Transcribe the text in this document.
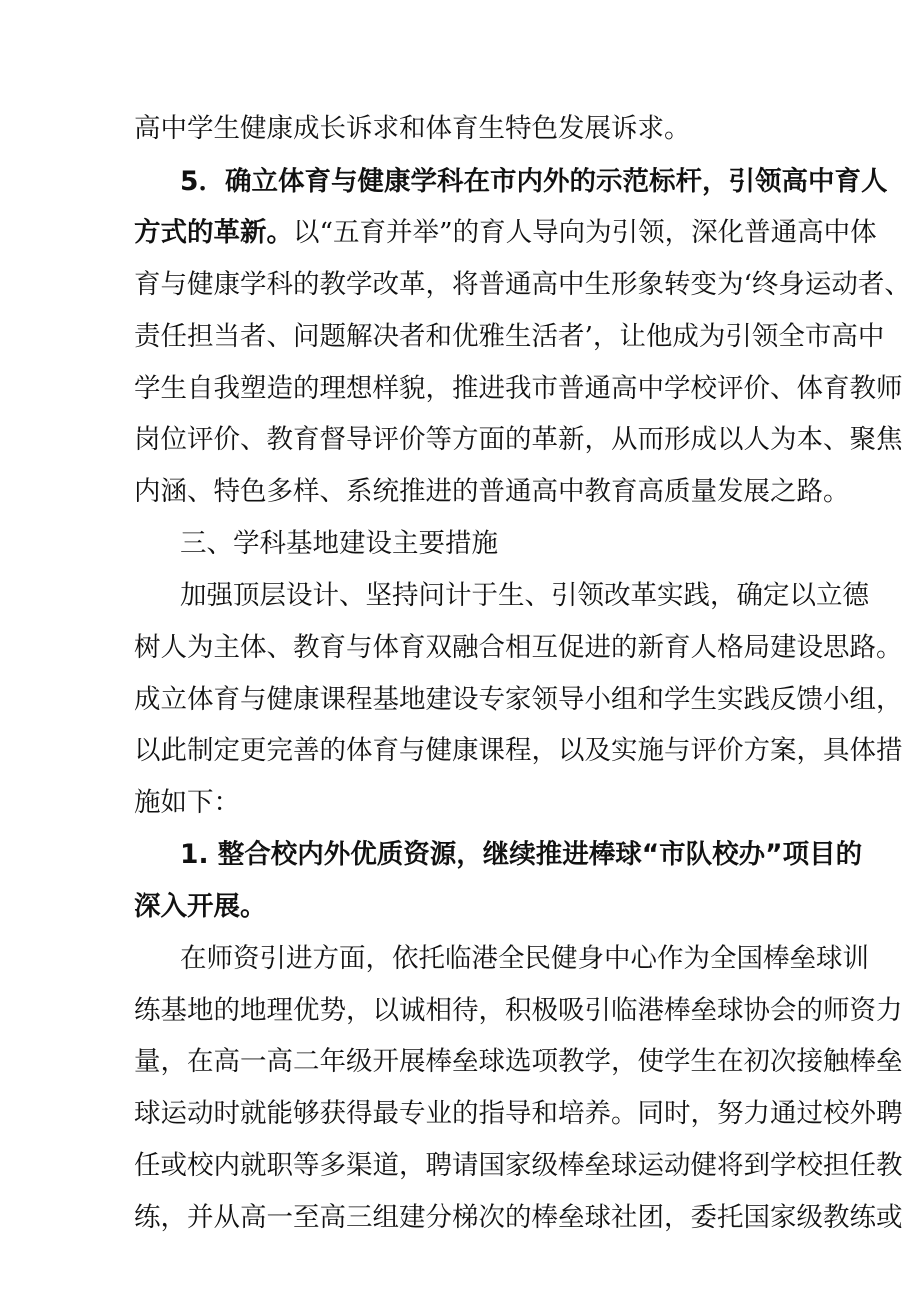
高中学生健康成长诉求和体育生特色发展诉求。
5．确立体育与健康学科在市内外的示范标杆，引领高中育人
方式的革新。以“五育并举”的育人导向为引领，深化普通高中体
育与健康学科的教学改革，将普通高中生形象转变为‘终身运动者、
责任担当者、问题解决者和优雅生活者’，让他成为引领全市高中
学生自我塑造的理想样貌，推进我市普通高中学校评价、体育教师
岗位评价、教育督导评价等方面的革新，从而形成以人为本、聚焦
内涵、特色多样、系统推进的普通高中教育高质量发展之路。
三、学科基地建设主要措施
加强顶层设计、坚持问计于生、引领改革实践，确定以立德
树人为主体、教育与体育双融合相互促进的新育人格局建设思路。
成立体育与健康课程基地建设专家领导小组和学生实践反馈小组，
以此制定更完善的体育与健康课程，以及实施与评价方案，具体措
施如下：
1. 整合校内外优质资源，继续推进棒球“市队校办”项目的
深入开展。
在师资引进方面，依托临港全民健身中心作为全国棒垒球训
练基地的地理优势，以诚相待，积极吸引临港棒垒球协会的师资力
量，在高一高二年级开展棒垒球选项教学，使学生在初次接触棒垒
球运动时就能够获得最专业的指导和培养。同时，努力通过校外聘
任或校内就职等多渠道，聘请国家级棒垒球运动健将到学校担任教
练，并从高一至高三组建分梯次的棒垒球社团，委托国家级教练或
